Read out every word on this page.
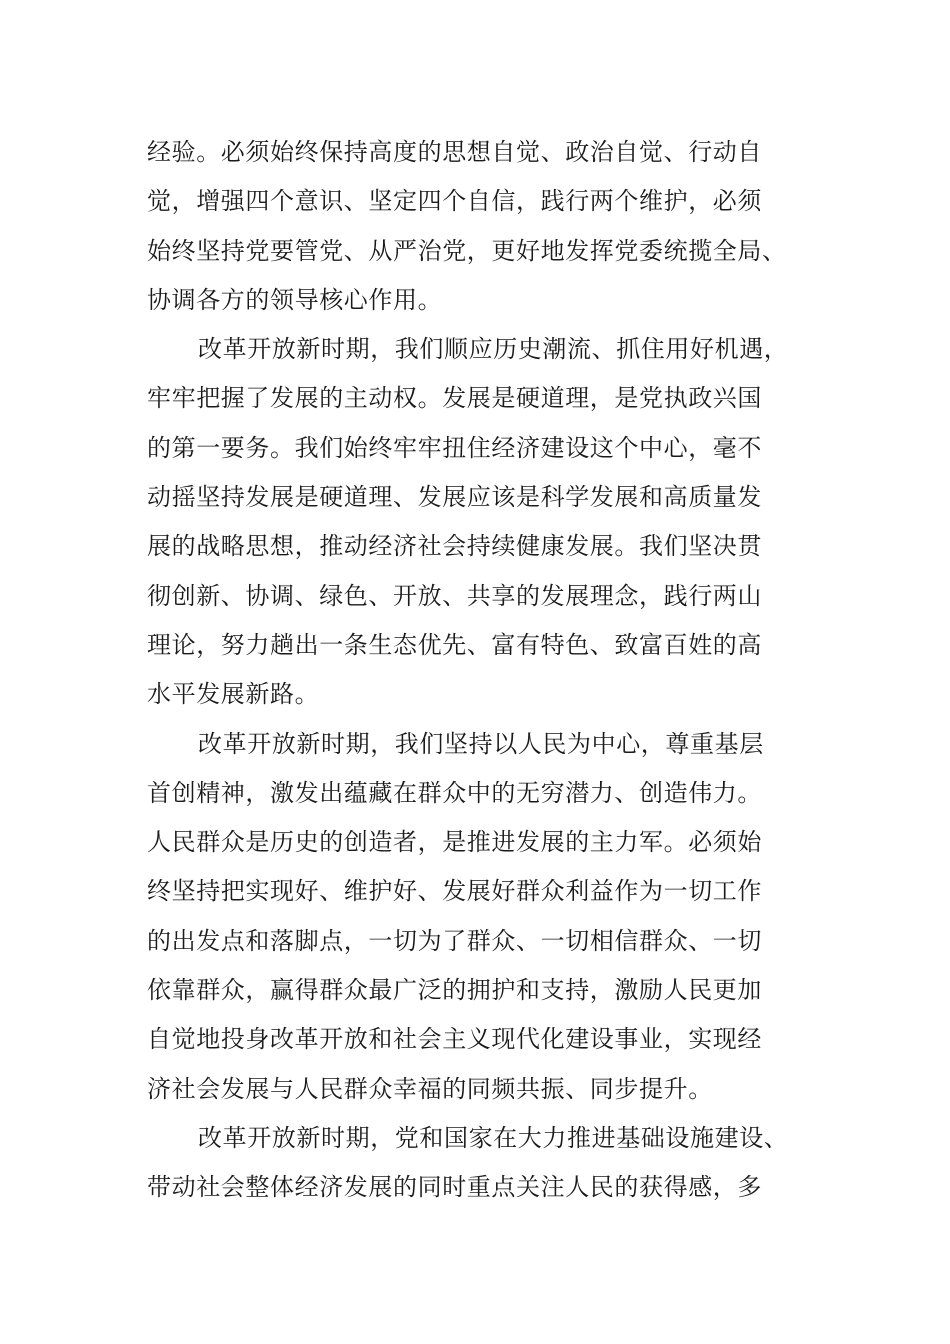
经验。必须始终保持高度的思想自觉、政治自觉、行动自
觉，增强四个意识、坚定四个自信，践行两个维护，必须
始终坚持党要管党、从严治党，更好地发挥党委统揽全局、
协调各方的领导核心作用。
改革开放新时期，我们顺应历史潮流、抓住用好机遇，
牢牢把握了发展的主动权。发展是硬道理，是党执政兴国
的第一要务。我们始终牢牢扭住经济建设这个中心，毫不
动摇坚持发展是硬道理、发展应该是科学发展和高质量发
展的战略思想，推动经济社会持续健康发展。我们坚决贯
彻创新、协调、绿色、开放、共享的发展理念，践行两山
理论，努力趟出一条生态优先、富有特色、致富百姓的高
水平发展新路。
改革开放新时期，我们坚持以人民为中心，尊重基层
首创精神，激发出蕴藏在群众中的无穷潜力、创造伟力。
人民群众是历史的创造者，是推进发展的主力军。必须始
终坚持把实现好、维护好、发展好群众利益作为一切工作
的出发点和落脚点，一切为了群众、一切相信群众、一切
依靠群众，赢得群众最广泛的拥护和支持，激励人民更加
自觉地投身改革开放和社会主义现代化建设事业，实现经
济社会发展与人民群众幸福的同频共振、同步提升。
改革开放新时期，党和国家在大力推进基础设施建设、
带动社会整体经济发展的同时重点关注人民的获得感，多
